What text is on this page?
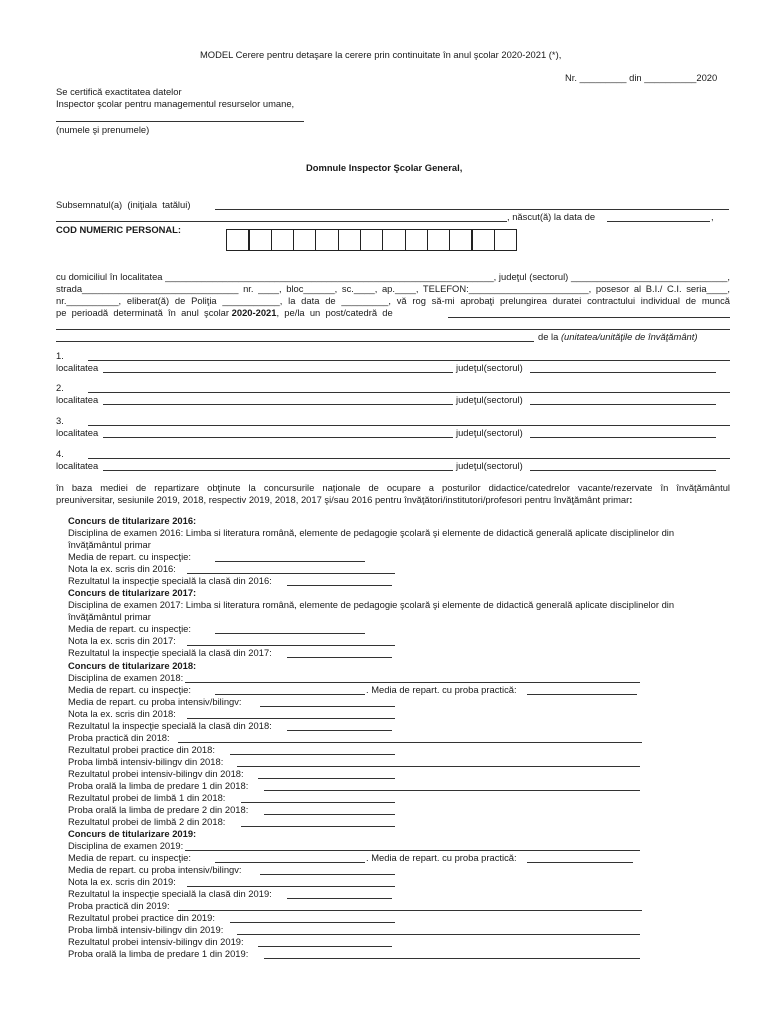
MODEL Cerere pentru detaşare la cerere prin continuitate în anul şcolar 2020-2021 (*),
Nr. _________ din __________2020
Se certifică exactitatea datelor
Inspector şcolar pentru managementul resurselor umane,
(numele şi prenumele)
Domnule Inspector Şcolar General,
Subsemnatul(a)  (iniţiala  tatălui)
, născut(ă) la data de	,
COD NUMERIC PERSONAL:
cu domiciliul în localitatea _______________________________________________________________, judeţul (sectorul) ______________________________,
strada______________________________ nr. ____, bloc______, sc.____, ap.____, TELEFON:_______________________, posesor al B.I./ C.I. seria____,
nr.__________, eliberat(ă) de Poliţia ___________, la data de _________, vă rog să-mi aprobaţi prelungirea duratei contractului individual de muncă
pe  perioadă  determinată  în  anul  şcolar 2020-2021,  pe/la  un  post/catedră  de
de la (unitatea/unităţile de învăţământ)
1.
localitatea	judeţul(sectorul)
2.
localitatea	judeţul(sectorul)
3.
localitatea	judeţul(sectorul)
4.
localitatea	judeţul(sectorul)
în baza mediei de repartizare obţinute la concursurile naţionale de ocupare a posturilor didactice/catedrelor vacante/rezervate în învăţământul
preuniversitar, sesiunile 2019, 2018, respectiv 2019, 2018, 2017 şi/sau 2016 pentru învăţători/institutori/profesori pentru învăţământ primar:
Concurs de titularizare 2016:
Disciplina de examen 2016: Limba si literatura română, elemente de pedagogie şcolară şi elemente de didactică generală aplicate disciplinelor din
învăţământul primar
Media de repart. cu inspecţie:
Nota la ex. scris din 2016:
Rezultatul la inspecţie specială la clasă din 2016:
Concurs de titularizare 2017:
Disciplina de examen 2017: Limba si literatura română, elemente de pedagogie şcolară şi elemente de didactică generală aplicate disciplinelor din
învăţământul primar
Media de repart. cu inspecţie:
Nota la ex. scris din 2017:
Rezultatul la inspecţie specială la clasă din 2017:
Concurs de titularizare 2018:
Disciplina de examen 2018:
Media de repart. cu inspecţie:	. Media de repart. cu proba practică:
Media de repart. cu proba intensiv/bilingv:
Nota la ex. scris din 2018:
Rezultatul la inspecţie specială la clasă din 2018:
Proba practică din 2018:
Rezultatul probei practice din 2018:
Proba limbă intensiv-bilingv din 2018:
Rezultatul probei intensiv-bilingv din 2018:
Proba orală la limba de predare 1 din 2018:
Rezultatul probei de limbă 1 din 2018:
Proba orală la limba de predare 2 din 2018:
Rezultatul probei de limbă 2 din 2018:
Concurs de titularizare 2019:
Disciplina de examen 2019:
Media de repart. cu inspecţie:	. Media de repart. cu proba practică:
Media de repart. cu proba intensiv/bilingv:
Nota la ex. scris din 2019:
Rezultatul la inspecţie specială la clasă din 2019:
Proba practică din 2019:
Rezultatul probei practice din 2019:
Proba limbă intensiv-bilingv din 2019:
Rezultatul probei intensiv-bilingv din 2019:
Proba orală la limba de predare 1 din 2019:
